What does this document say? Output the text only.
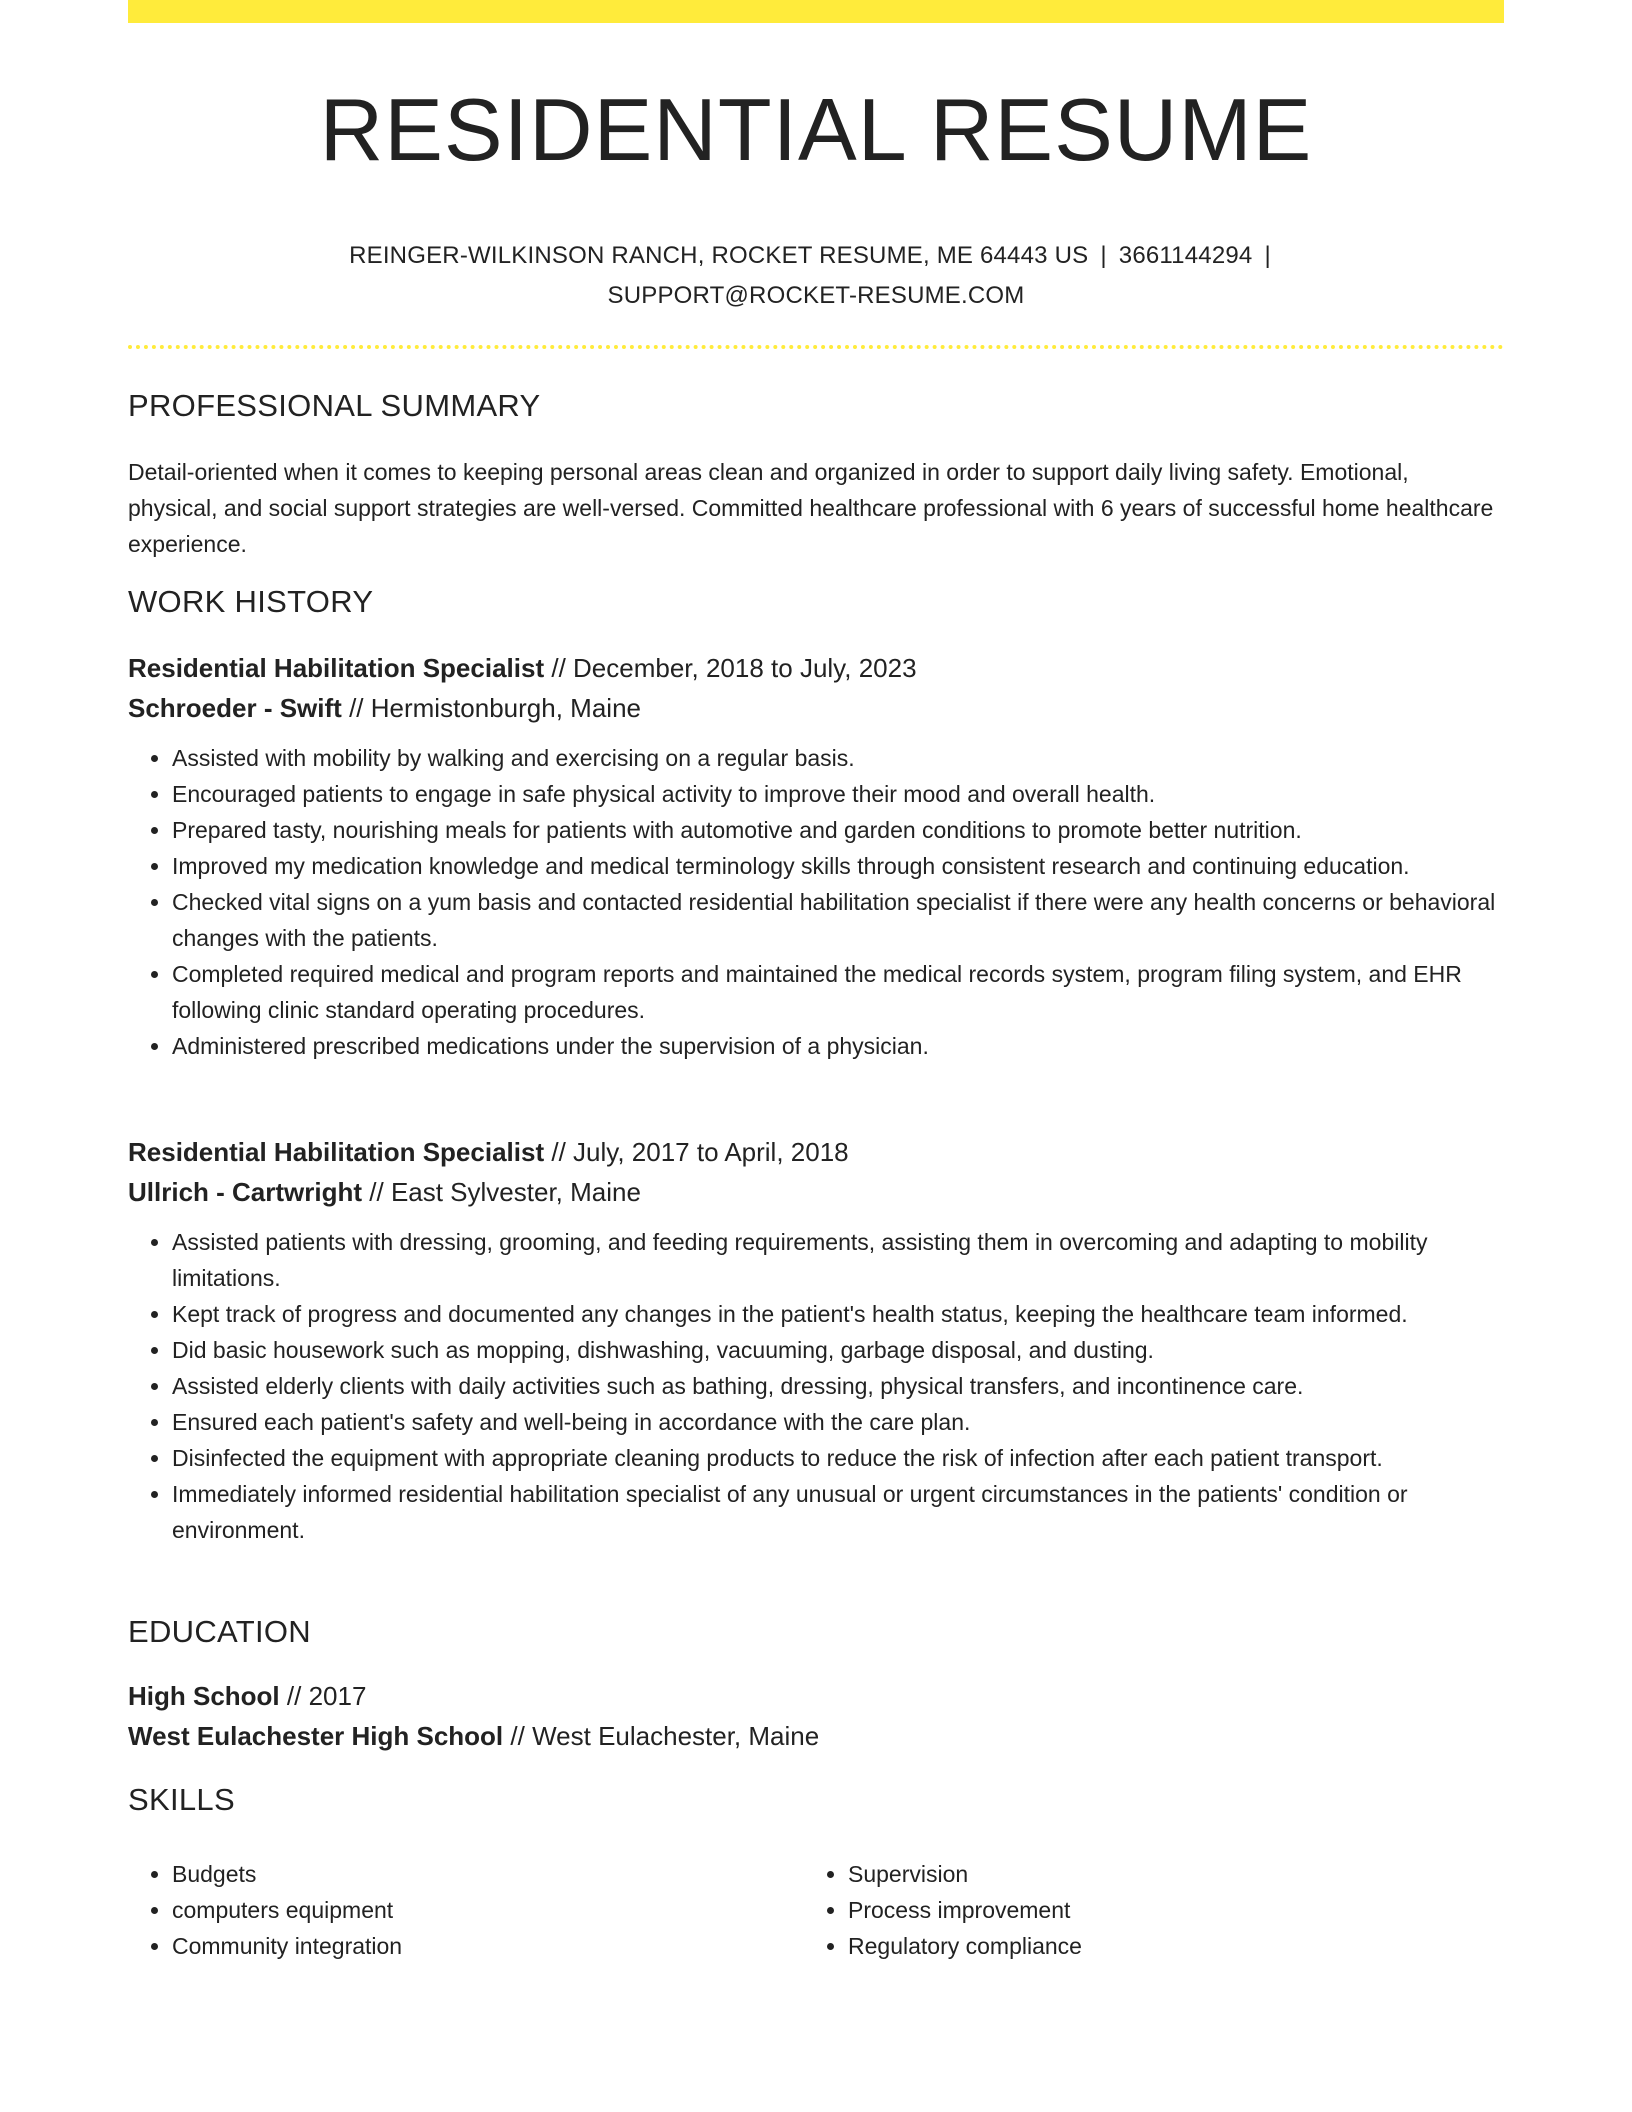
RESIDENTIAL RESUME
REINGER-WILKINSON RANCH, ROCKET RESUME, ME 64443 US | 3661144294 |
SUPPORT@ROCKET-RESUME.COM
PROFESSIONAL SUMMARY

Detail-oriented when it comes to keeping personal areas clean and organized in order to support daily living safety. Emotional, physical, and social support strategies are well-versed. Committed healthcare professional with 6 years of successful home healthcare experience.

WORK HISTORY

Residential Habilitation Specialist // December, 2018 to July, 2023

Schroeder - Swift // Hermistonburgh, Maine

• Assisted with mobility by walking and exercising on a regular basis.
• Encouraged patients to engage in safe physical activity to improve their mood and overall health.
• Prepared tasty, nourishing meals for patients with automotive and garden conditions to promote better nutrition.
• Improved my medication knowledge and medical terminology skills through consistent research and continuing education.
• Checked vital signs on a yum basis and contacted residential habilitation specialist if there were any health concerns or behavioral changes with the patients.
• Completed required medical and program reports and maintained the medical records system, program filing system, and EHR following clinic standard operating procedures.
• Administered prescribed medications under the supervision of a physician.

Residential Habilitation Specialist // July, 2017 to April, 2018

Ullrich - Cartwright // East Sylvester, Maine

• Assisted patients with dressing, grooming, and feeding requirements, assisting them in overcoming and adapting to mobility limitations.
• Kept track of progress and documented any changes in the patient's health status, keeping the healthcare team informed.
• Did basic housework such as mopping, dishwashing, vacuuming, garbage disposal, and dusting.
• Assisted elderly clients with daily activities such as bathing, dressing, physical transfers, and incontinence care.
• Ensured each patient's safety and well-being in accordance with the care plan.
• Disinfected the equipment with appropriate cleaning products to reduce the risk of infection after each patient transport.
• Immediately informed residential habilitation specialist of any unusual or urgent circumstances in the patients' condition or environment.
EDUCATION

High School // 2017

West Eulachester High School // West Eulachester, Maine

SKILLS
• Budgets
• computers equipment
• Community integration
• Supervision
• Process improvement
• Regulatory compliance
